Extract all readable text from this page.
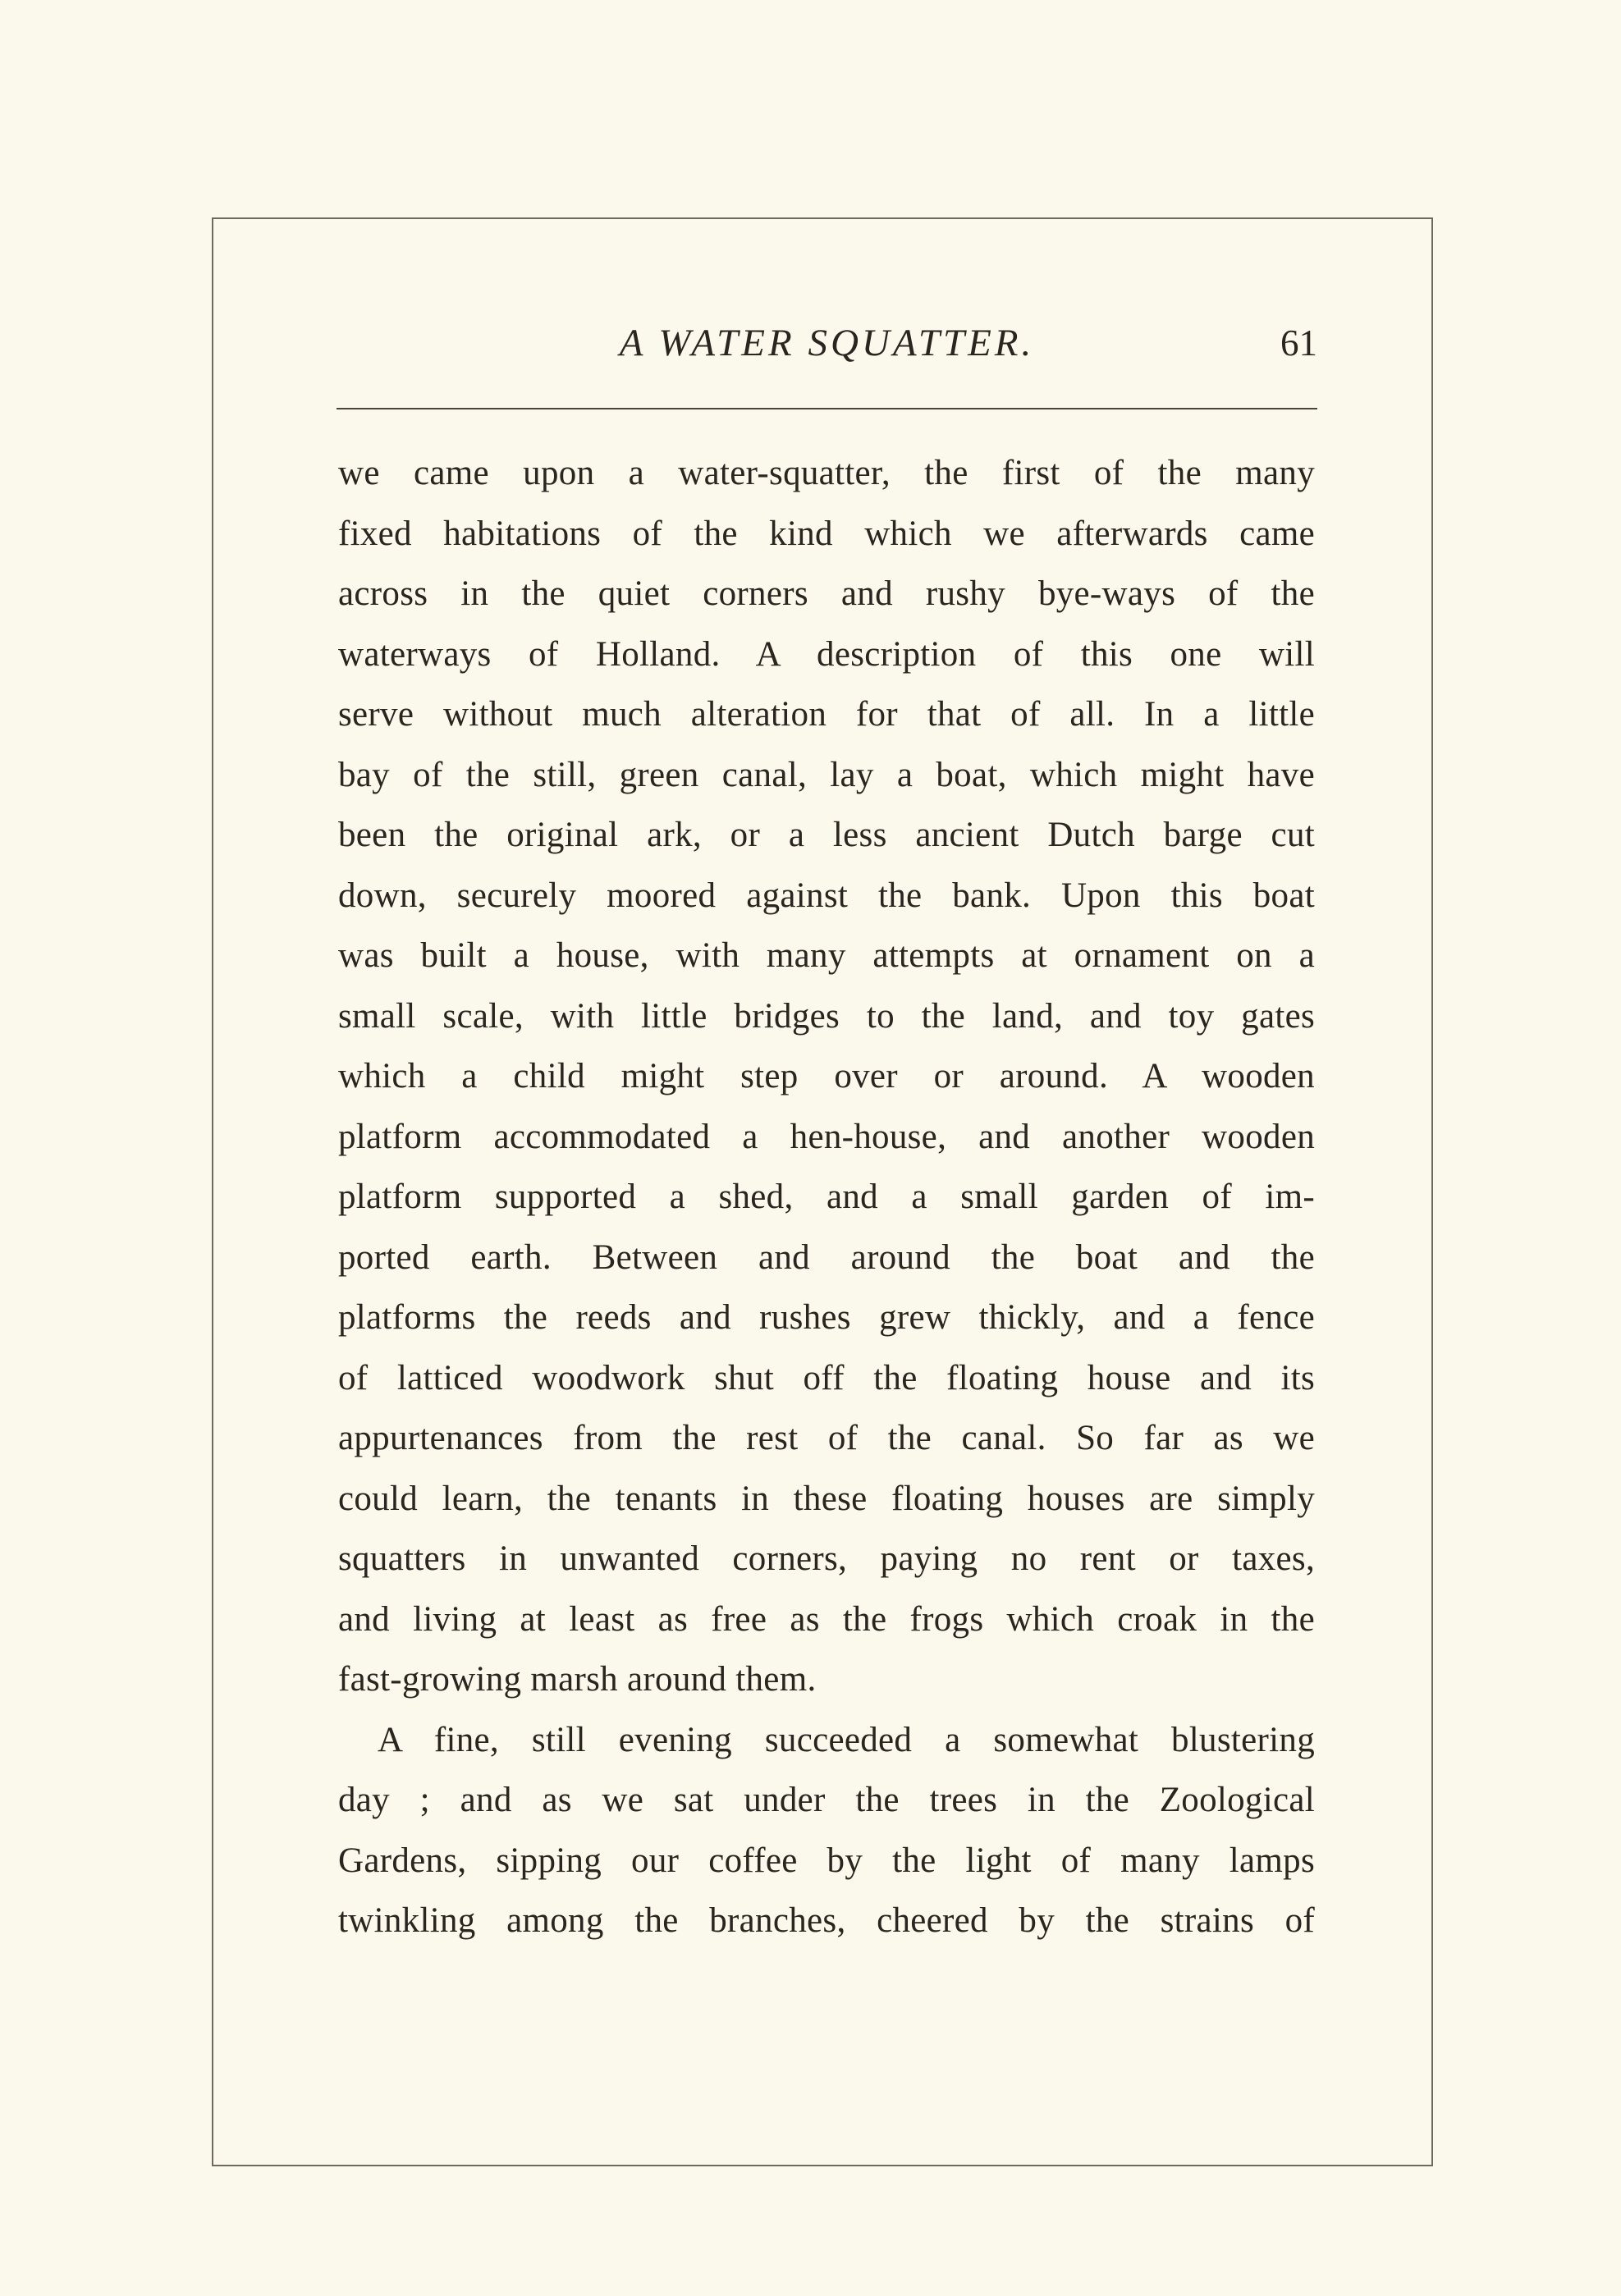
A WATER SQUATTER.	61
we came upon a water-squatter, the first of the many
fixed habitations of the kind which we afterwards came
across in the quiet corners and rushy bye-ways of the
waterways of Holland. A description of this one will
serve without much alteration for that of all. In a little
bay of the still, green canal, lay a boat, which might have
been the original ark, or a less ancient Dutch barge cut
down, securely moored against the bank. Upon this boat
was built a house, with many attempts at ornament on a
small scale, with little bridges to the land, and toy gates
which a child might step over or around. A wooden
platform accommodated a hen-house, and another wooden
platform supported a shed, and a small garden of im-
ported earth. Between and around the boat and the
platforms the reeds and rushes grew thickly, and a fence
of latticed woodwork shut off the floating house and its
appurtenances from the rest of the canal. So far as we
could learn, the tenants in these floating houses are simply
squatters in unwanted corners, paying no rent or taxes,
and living at least as free as the frogs which croak in the
fast-growing marsh around them.
A fine, still evening succeeded a somewhat blustering
day ; and as we sat under the trees in the Zoological
Gardens, sipping our coffee by the light of many lamps
twinkling among the branches, cheered by the strains of
